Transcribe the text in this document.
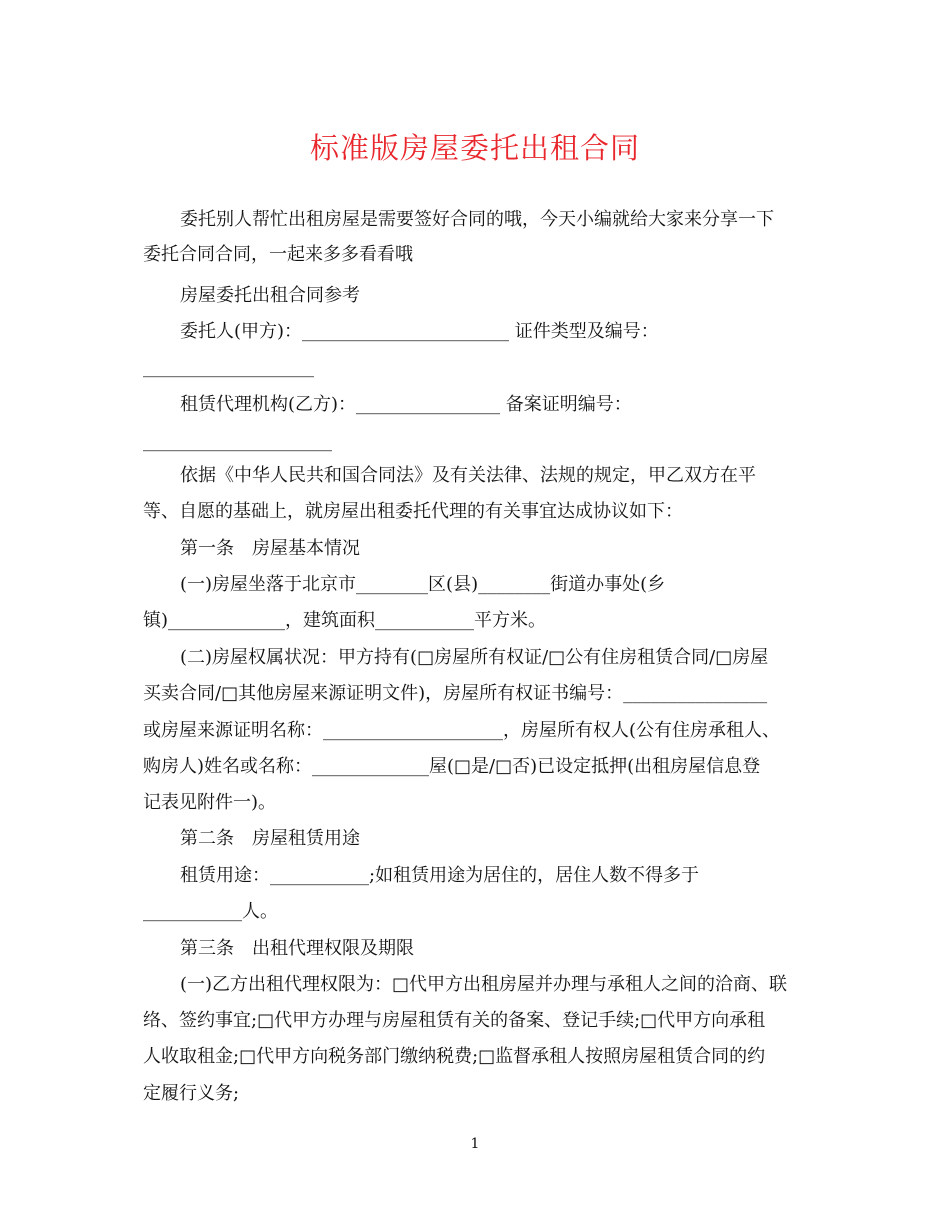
标准版房屋委托出租合同
委托别人帮忙出租房屋是需要签好合同的哦，今天小编就给大家来分享一下
委托合同合同，一起来多多看看哦
房屋委托出租合同参考
委托人(甲方)：_______________________ 证件类型及编号：
___________________
租赁代理机构(乙方)：________________ 备案证明编号：
_____________________
依据《中华人民共和国合同法》及有关法律、法规的规定，甲乙双方在平
等、自愿的基础上，就房屋出租委托代理的有关事宜达成协议如下：
第一条　房屋基本情况
(一)房屋坐落于北京市________区(县)________街道办事处(乡
镇)_____________，建筑面积___________平方米。
(二)房屋权属状况：甲方持有(□房屋所有权证/□公有住房租赁合同/□房屋
买卖合同/□其他房屋来源证明文件)，房屋所有权证书编号：________________
或房屋来源证明名称：____________________，房屋所有权人(公有住房承租人、
购房人)姓名或名称：_____________屋(□是/□否)已设定抵押(出租房屋信息登
记表见附件一)。
第二条　房屋租赁用途
租赁用途：___________;如租赁用途为居住的，居住人数不得多于
___________人。
第三条　出租代理权限及期限
(一)乙方出租代理权限为：□代甲方出租房屋并办理与承租人之间的洽商、联
络、签约事宜;□代甲方办理与房屋租赁有关的备案、登记手续;□代甲方向承租
人收取租金;□代甲方向税务部门缴纳税费;□监督承租人按照房屋租赁合同的约
定履行义务;
1
